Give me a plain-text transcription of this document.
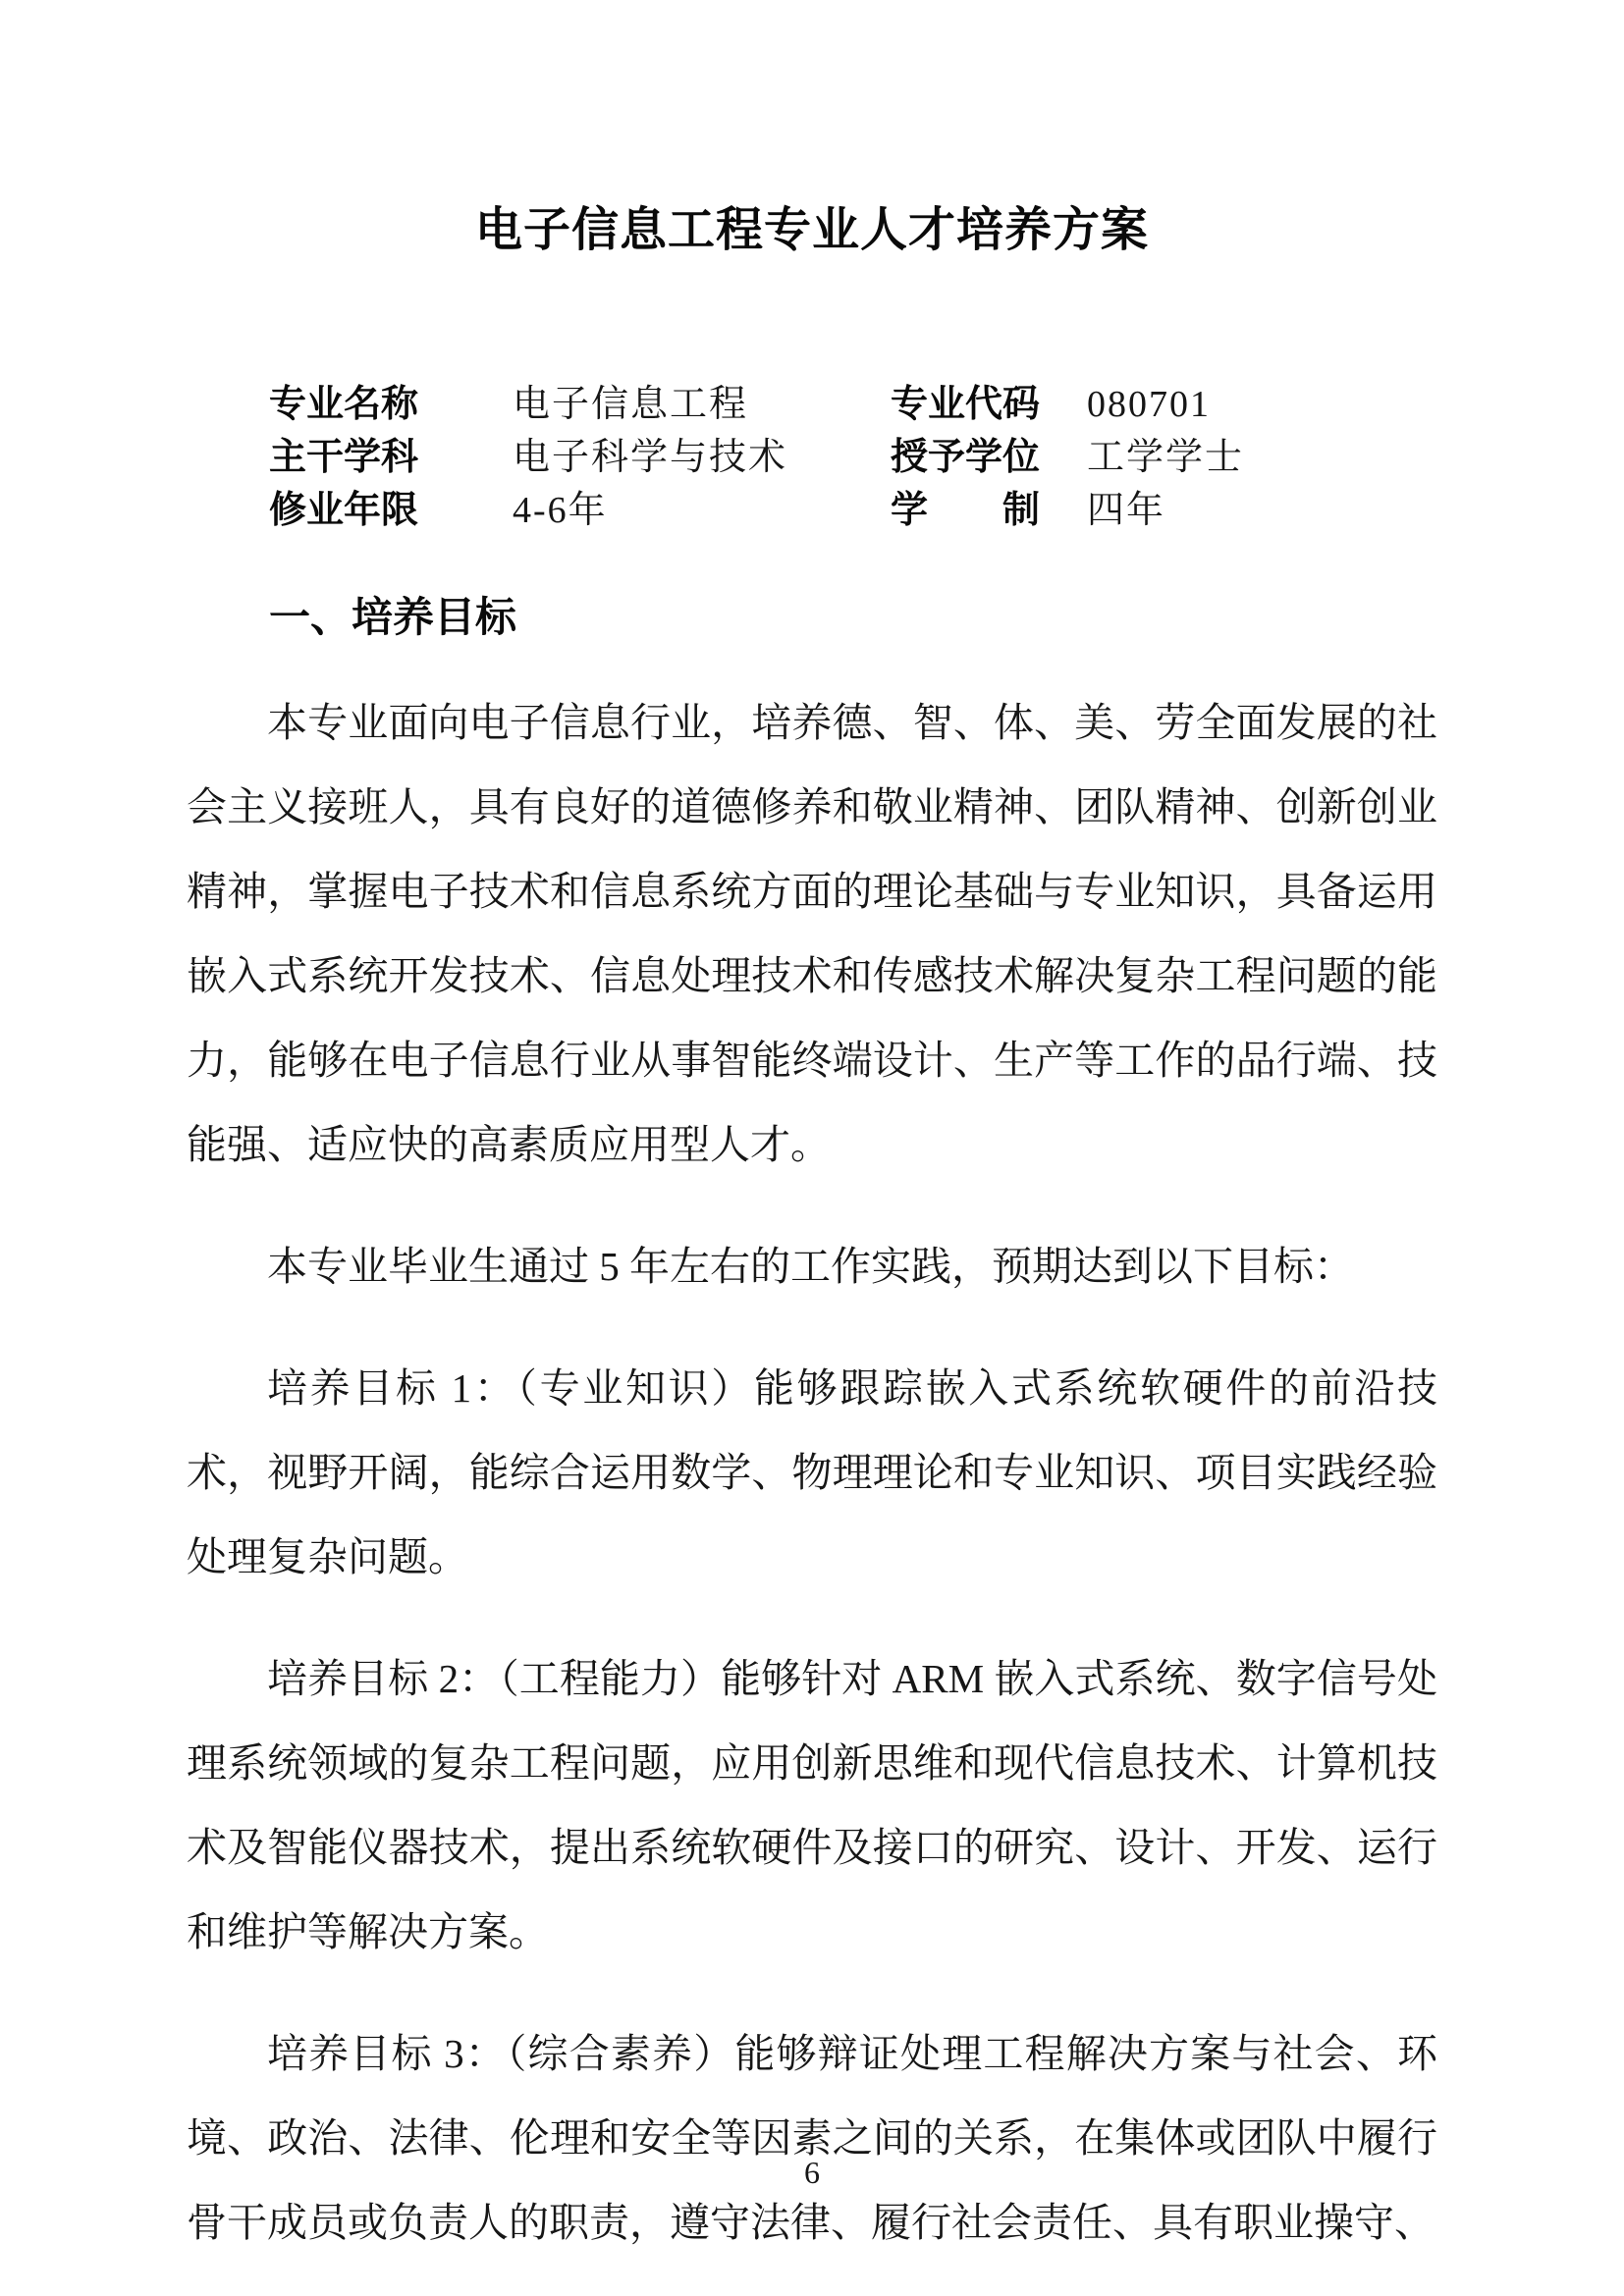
电子信息工程专业人才培养方案
专业名称	电子信息工程	专业代码	080701
主干学科	电子科学与技术	授予学位	工学学士
修业年限	4-6年	学　　制	四年
一、培养目标

本专业面向电子信息行业，培养德、智、体、美、劳全面发展的社会主义接班人，具有良好的道德修养和敬业精神、团队精神、创新创业精神，掌握电子技术和信息系统方面的理论基础与专业知识，具备运用嵌入式系统开发技术、信息处理技术和传感技术解决复杂工程问题的能力，能够在电子信息行业从事智能终端设计、生产等工作的品行端、技能强、适应快的高素质应用型人才。

本专业毕业生通过 5 年左右的工作实践，预期达到以下目标：

培养目标 1：（专业知识）能够跟踪嵌入式系统软硬件的前沿技术，视野开阔，能综合运用数学、物理理论和专业知识、项目实践经验处理复杂问题。

培养目标 2：（工程能力）能够针对 ARM 嵌入式系统、数字信号处理系统领域的复杂工程问题，应用创新思维和现代信息技术、计算机技术及智能仪器技术，提出系统软硬件及接口的研究、设计、开发、运行和维护等解决方案。

培养目标 3：（综合素养）能够辩证处理工程解决方案与社会、环境、政治、法律、伦理和安全等因素之间的关系，在集体或团队中履行骨干成员或负责人的职责，遵守法律、履行社会责任、具有职业操守、

6
